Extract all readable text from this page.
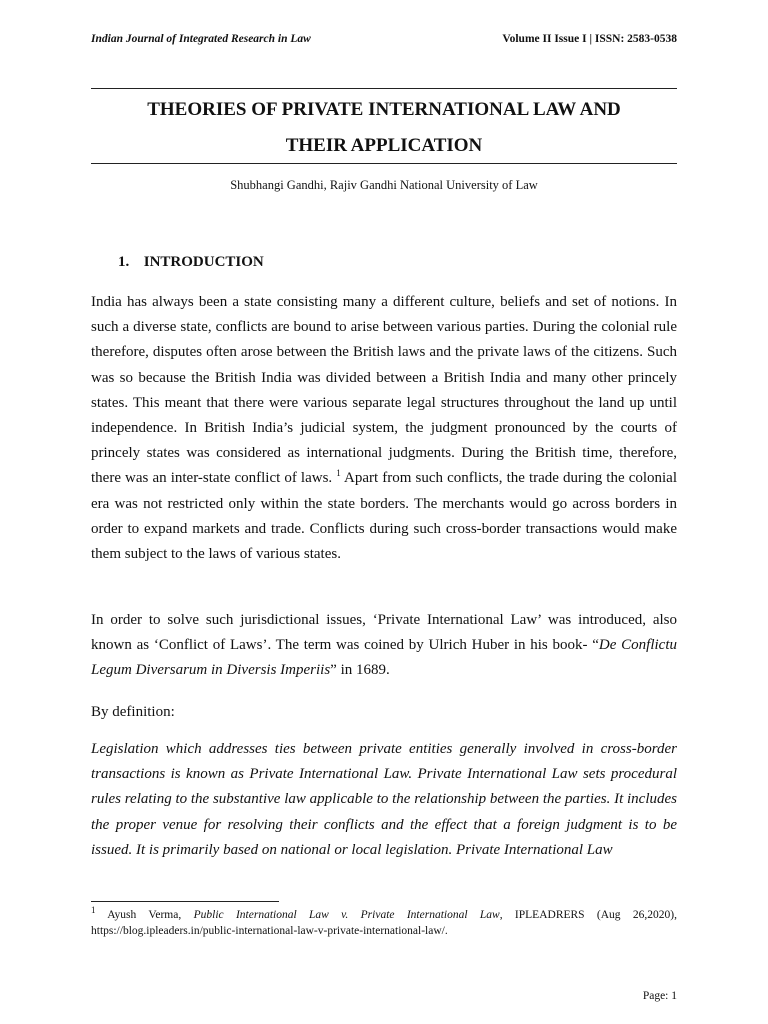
Indian Journal of Integrated Research in Law	Volume II Issue I | ISSN: 2583-0538
THEORIES OF PRIVATE INTERNATIONAL LAW AND
THEIR APPLICATION
Shubhangi Gandhi, Rajiv Gandhi National University of Law
1. INTRODUCTION
India has always been a state consisting many a different culture, beliefs and set of notions. In such a diverse state, conflicts are bound to arise between various parties. During the colonial rule therefore, disputes often arose between the British laws and the private laws of the citizens. Such was so because the British India was divided between a British India and many other princely states. This meant that there were various separate legal structures throughout the land up until independence. In British India’s judicial system, the judgment pronounced by the courts of princely states was considered as international judgments. During the British time, therefore, there was an inter-state conflict of laws. $^1$ Apart from such conflicts, the trade during the colonial era was not restricted only within the state borders. The merchants would go across borders in order to expand markets and trade. Conflicts during such cross-border transactions would make them subject to the laws of various states.
In order to solve such jurisdictional issues, ‘Private International Law’ was introduced, also known as ‘Conflict of Laws’. The term was coined by Ulrich Huber in his book- “De Conflictu Legum Diversarum in Diversis Imperiis” in 1689.
By definition:
Legislation which addresses ties between private entities generally involved in cross-border transactions is known as Private International Law. Private International Law sets procedural rules relating to the substantive law applicable to the relationship between the parties. It includes the proper venue for resolving their conflicts and the effect that a foreign judgment is to be issued. It is primarily based on national or local legislation. Private International Law
$^1$ Ayush Verma, Public International Law v. Private International Law, IPLEADRERS (Aug 26,2020), https://blog.ipleaders.in/public-international-law-v-private-international-law/.
Page: 1
